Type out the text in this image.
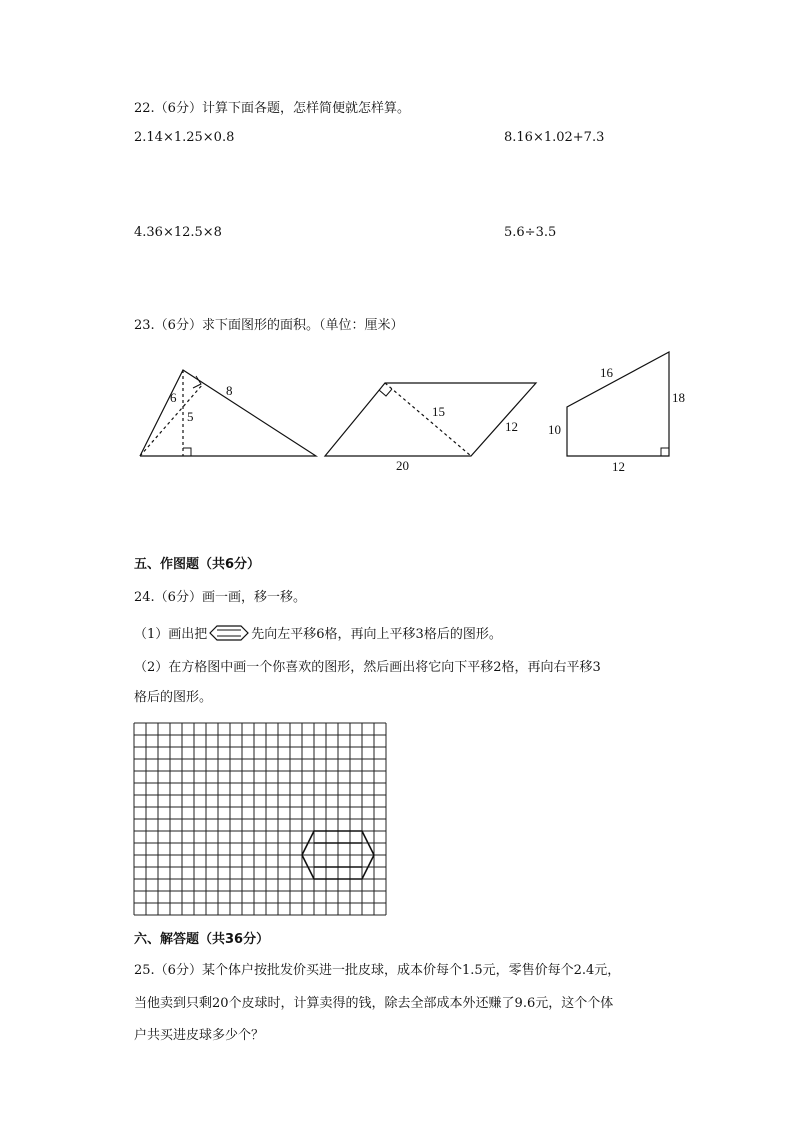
22.（6分）计算下面各题，怎样简便就怎样算。
2.14×1.25×0.8	8.16×1.02+7.3
4.36×12.5×8	5.6÷3.5
23.（6分）求下面图形的面积。（单位：厘米）
6	8
5	15
12
20
16
18
10
12
五、作图题（共6分）
24.（6分）画一画，移一移。
（1）画出把	先向左平移6格，再向上平移3格后的图形。
（2）在方格图中画一个你喜欢的图形，然后画出将它向下平移2格，再向右平移3
格后的图形。
六、解答题（共36分）
25.（6分）某个体户按批发价买进一批皮球，成本价每个1.5元，零售价每个2.4元，
当他卖到只剩20个皮球时，计算卖得的钱，除去全部成本外还赚了9.6元，这个个体
户共买进皮球多少个？
